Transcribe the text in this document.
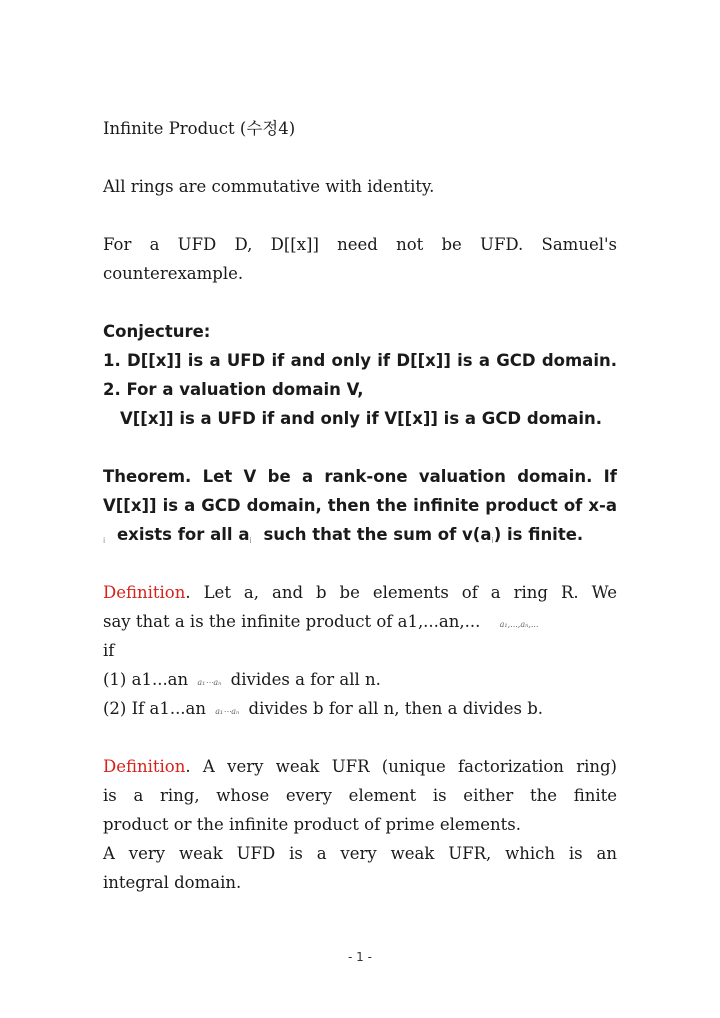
Infinite Product (수정4)
All rings are commutative with identity.
For a UFD D, D[[x]] need not be UFD. Samuel's
counterexample.
Conjecture:
1. D[[x]] is a UFD if and only if D[[x]] is a GCD domain.
2. For a valuation domain V,
V[[x]] is a UFD if and only if V[[x]] is a GCD domain.
Theorem. Let V be a rank-one valuation domain. If
V[[x]] is a GCD domain, then the infinite product of x-a
i exists for all ai such that the sum of v(ai) is finite.
Definition. Let a, and b be elements of a ring R. We
say that a is the infinite product of a1,...an,... a₁,...,aₙ,...
if
(1) a1...an a₁⋯aₙ divides a for all n.
(2) If a1...an a₁⋯aₙ divides b for all n, then a divides b.
Definition. A very weak UFR (unique factorization ring)
is a ring, whose every element is either the finite
product or the infinite product of prime elements.
A very weak UFD is a very weak UFR, which is an
integral domain.
- 1 -
